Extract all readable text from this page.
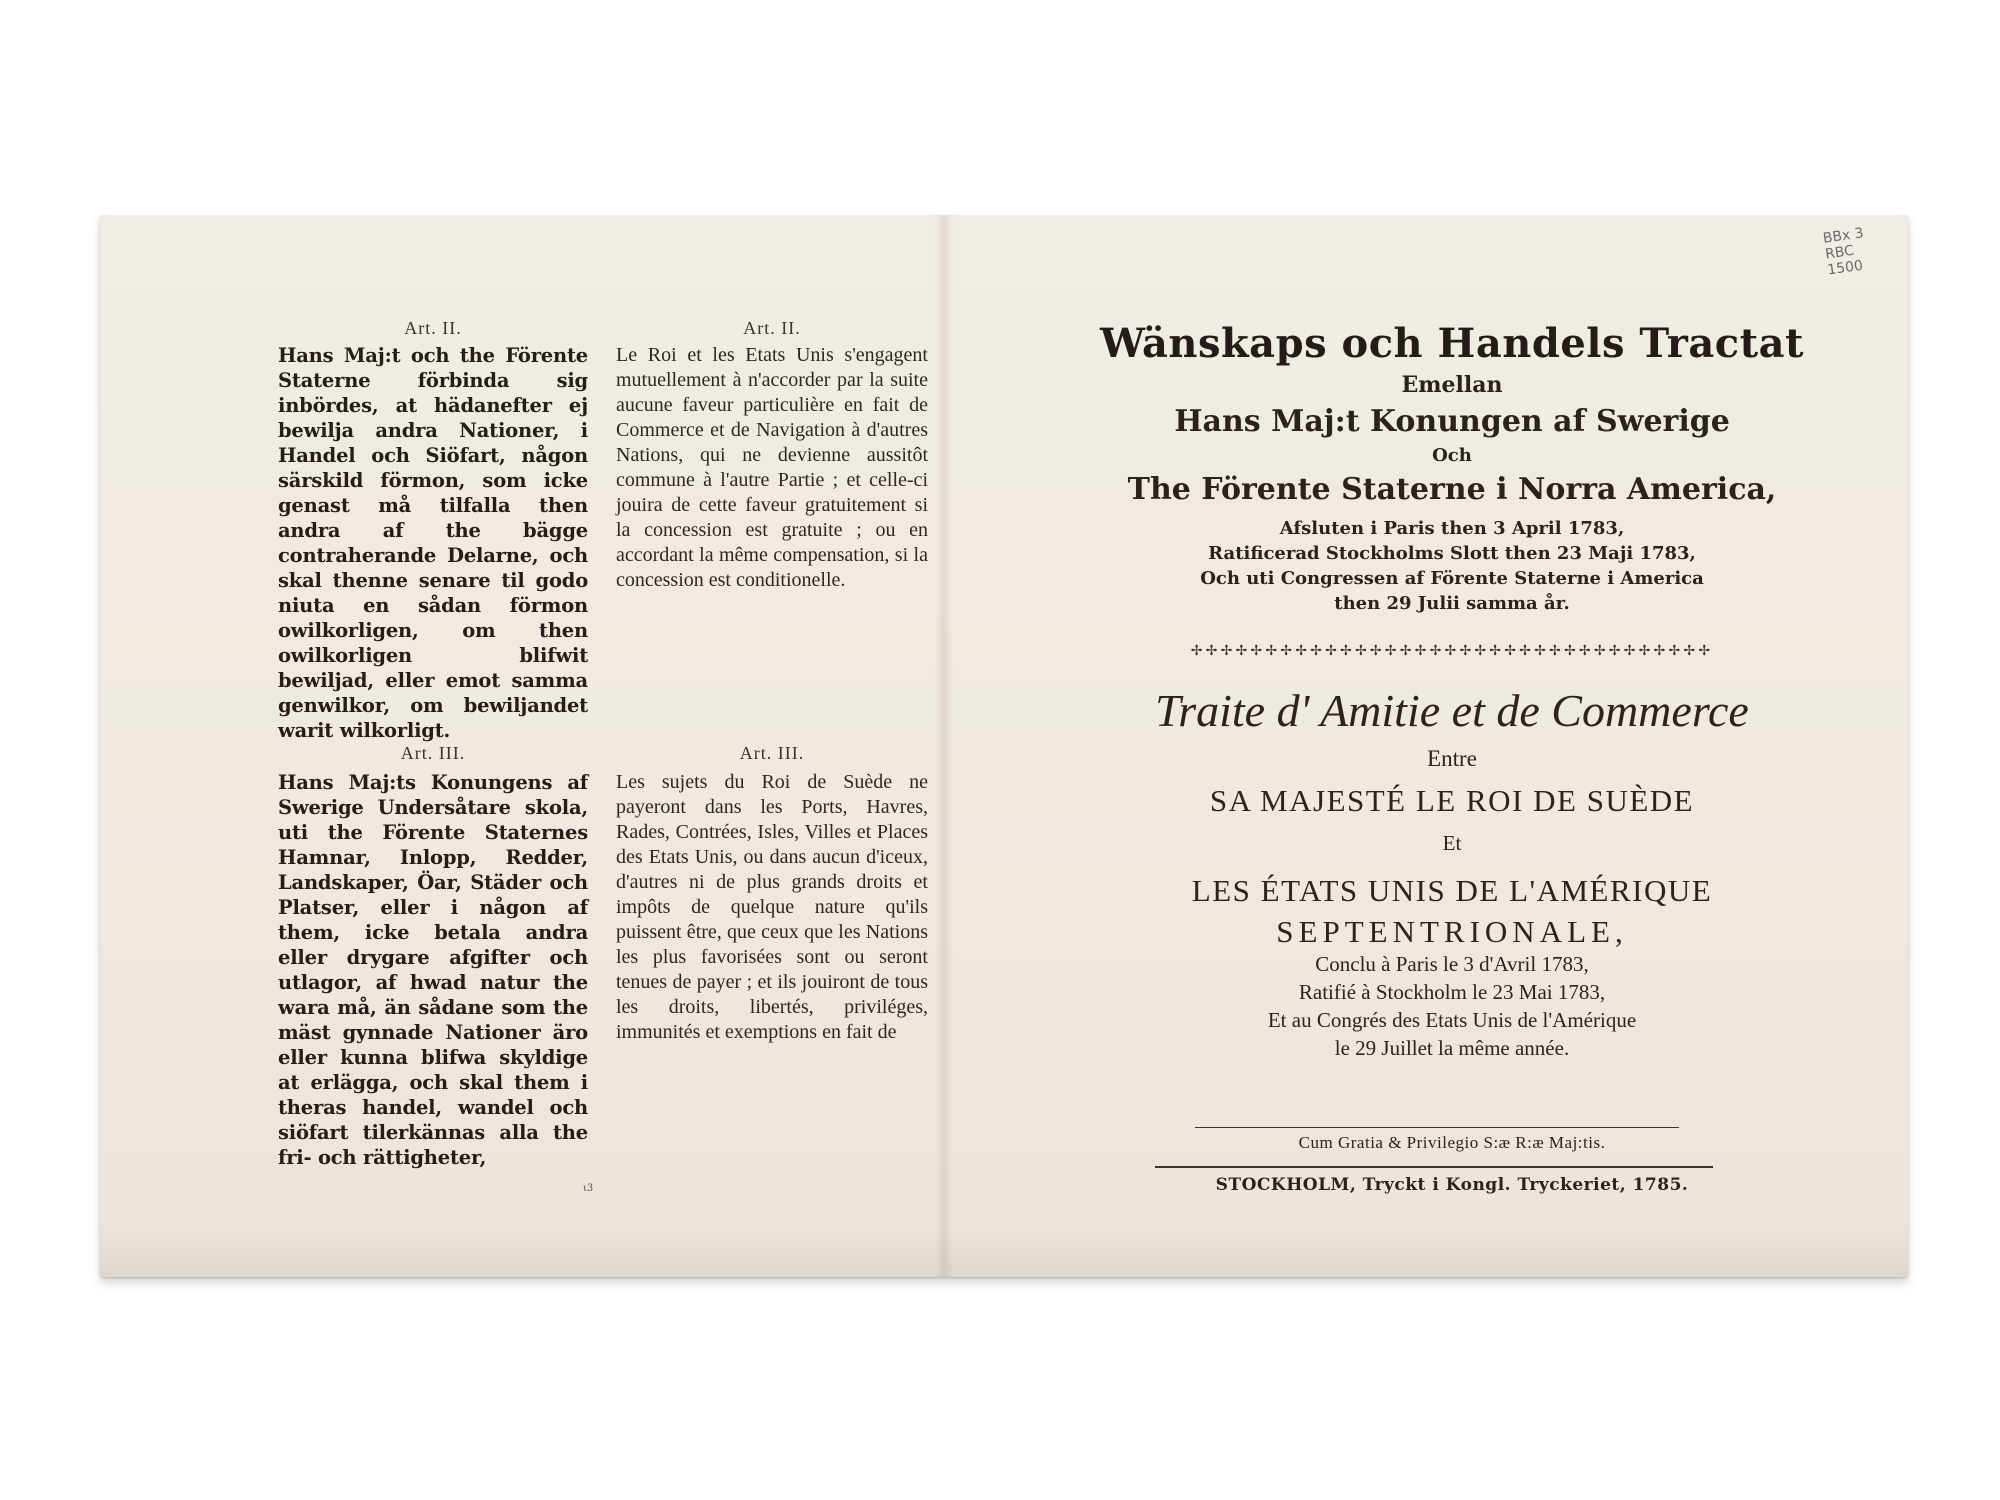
BBx 3
RBC
1500
Art. II.
Hans Maj:t och the Förente Staterne förbinda sig inbördes, at hädanefter ej bewilja andra Nationer, i Handel och Siöfart, någon särskild förmon, som icke genast må tilfalla then andra af the bägge contraherande Delarne, och skal thenne senare til godo niuta en sådan förmon owilkorligen, om then owilkorligen blifwit bewiljad, eller emot samma genwilkor, om bewiljandet warit wilkorligt.
Art. III.
Hans Maj:ts Konungens af Swerige Undersåtare skola, uti the Förente Staternes Hamnar, Inlopp, Redder, Landskaper, Öar, Städer och Platser, eller i någon af them, icke betala andra eller drygare afgifter och utlagor, af hwad natur the wara må, än sådane som the mäst gynnade Nationer äro eller kunna blifwa skyldige at erlägga, och skal them i theras handel, wandel och siöfart tilerkännas alla the fri- och rättigheter,
Art. II.
Le Roi et les Etats Unis s'engagent mutuellement à n'accorder par la suite aucune faveur particulière en fait de Commerce et de Navigation à d'autres Nations, qui ne devienne aussitôt commune à l'autre Partie ; et celle-ci jouira de cette faveur gratuitement si la concession est gratuite ; ou en accordant la même compensation, si la concession est conditionelle.
Art. III.
Les sujets du Roi de Suède ne payeront dans les Ports, Havres, Rades, Contrées, Isles, Villes et Places des Etats Unis, ou dans aucun d'iceux, d'autres ni de plus grands droits et impôts de quelque nature qu'ils puissent être, que ceux que les Nations les plus favorisées sont ou seront tenues de payer ; et ils jouiront de tous les droits, libertés, priviléges, immunités et exemptions en fait de
ι3
Wänskaps och Handels Tractat
Emellan
Hans Maj:t Konungen af Swerige
Och
The Förente Staterne i Norra America,
Afsluten i Paris then 3 April 1783,
Ratificerad Stockholms Slott then 23 Maji 1783,
Och uti Congressen af Förente Staterne i America
then 29 Julii samma år.
✢✢✢✢✢✢✢✢✢✢✢✢✢✢✢✢✢✢✢✢✢✢✢✢✢✢✢✢✢✢✢✢✢✢✢
Traite d' Amitie et de Commerce
Entre
SA MAJESTÉ LE ROI DE SUÈDE
Et
LES ÉTATS UNIS DE L'AMÉRIQUE
SEPTENTRIONALE,
Conclu à Paris le 3 d'Avril 1783,
Ratifié à Stockholm le 23 Mai 1783,
Et au Congrés des Etats Unis de l'Amérique
le 29 Juillet la même année.
Cum Gratia & Privilegio S:æ R:æ Maj:tis.
STOCKHOLM, Tryckt i Kongl. Tryckeriet, 1785.
